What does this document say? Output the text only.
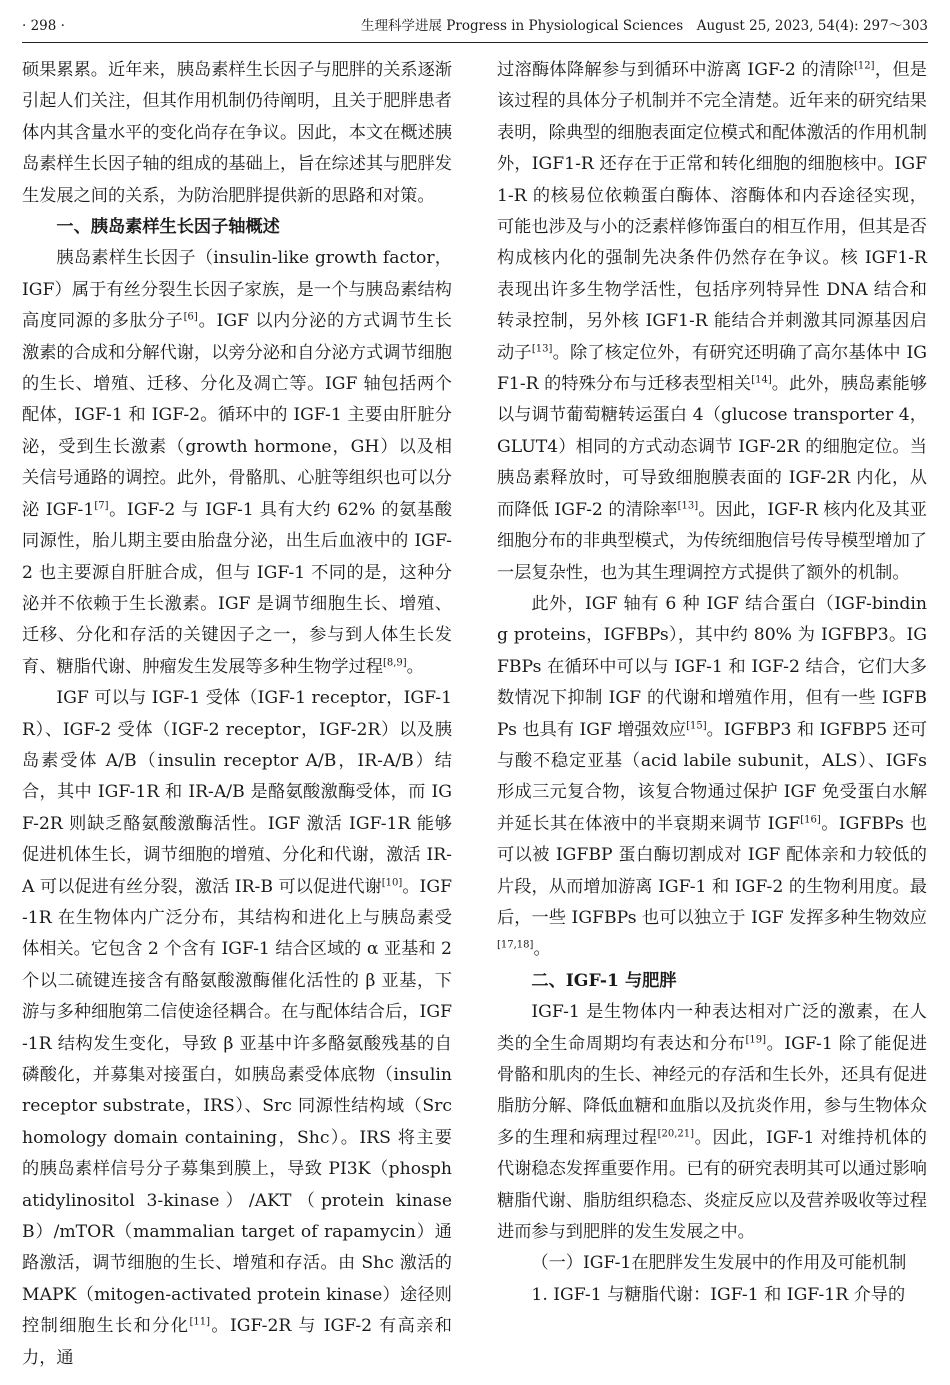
· 298 ·	生理科学进展 Progress in Physiological Sciences　August 25, 2023, 54(4): 297～303

硕果累累。近年来，胰岛素样生长因子与肥胖的关系逐渐引起人们关注，但其作用机制仍待阐明，且关于肥胖患者体内其含量水平的变化尚存在争议。因此，本文在概述胰岛素样生长因子轴的组成的基础上，旨在综述其与肥胖发生发展之间的关系，为防治肥胖提供新的思路和对策。

一、胰岛素样生长因子轴概述

胰岛素样生长因子（insulin-like growth factor，IGF）属于有丝分裂生长因子家族，是一个与胰岛素结构高度同源的多肽分子[6]。IGF 以内分泌的方式调节生长激素的合成和分解代谢，以旁分泌和自分泌方式调节细胞的生长、增殖、迁移、分化及凋亡等。IGF 轴包括两个配体，IGF-1 和 IGF-2。循环中的 IGF-1 主要由肝脏分泌，受到生长激素（growth hormone，GH）以及相关信号通路的调控。此外，骨骼肌、心脏等组织也可以分泌 IGF-1[7]。IGF-2 与 IGF-1 具有大约 62% 的氨基酸同源性，胎儿期主要由胎盘分泌，出生后血液中的 IGF-2 也主要源自肝脏合成，但与 IGF-1 不同的是，这种分泌并不依赖于生长激素。IGF 是调节细胞生长、增殖、迁移、分化和存活的关键因子之一，参与到人体生长发育、糖脂代谢、肿瘤发生发展等多种生物学过程[8,9]。

IGF 可以与 IGF-1 受体（IGF-1 receptor，IGF-1R）、IGF-2 受体（IGF-2 receptor，IGF-2R）以及胰岛素受体 A/B（insulin receptor A/B，IR-A/B）结合，其中 IGF-1R 和 IR-A/B 是酪氨酸激酶受体，而 IGF-2R 则缺乏酪氨酸激酶活性。IGF 激活 IGF-1R 能够促进机体生长，调节细胞的增殖、分化和代谢，激活 IR-A 可以促进有丝分裂，激活 IR-B 可以促进代谢[10]。IGF-1R 在生物体内广泛分布，其结构和进化上与胰岛素受体相关。它包含 2 个含有 IGF-1 结合区域的 α 亚基和 2 个以二硫键连接含有酪氨酸激酶催化活性的 β 亚基，下游与多种细胞第二信使途径耦合。在与配体结合后，IGF-1R 结构发生变化，导致 β 亚基中许多酪氨酸残基的自磷酸化，并募集对接蛋白，如胰岛素受体底物（insulin receptor substrate，IRS）、Src 同源性结构域（Src homology domain containing，Shc）。IRS 将主要的胰岛素样信号分子募集到膜上，导致 PI3K（phosphatidylinositol 3-kinase）/AKT（protein kinase B）/mTOR（mammalian target of rapamycin）通路激活，调节细胞的生长、增殖和存活。由 Shc 激活的 MAPK（mitogen-activated protein kinase）途径则控制细胞生长和分化[11]。IGF-2R 与 IGF-2 有高亲和力，通

过溶酶体降解参与到循环中游离 IGF-2 的清除[12]，但是该过程的具体分子机制并不完全清楚。近年来的研究结果表明，除典型的细胞表面定位模式和配体激活的作用机制外，IGF1-R 还存在于正常和转化细胞的细胞核中。IGF1-R 的核易位依赖蛋白酶体、溶酶体和内吞途径实现，可能也涉及与小的泛素样修饰蛋白的相互作用，但其是否构成核内化的强制先决条件仍然存在争议。核 IGF1-R 表现出许多生物学活性，包括序列特异性 DNA 结合和转录控制，另外核 IGF1-R 能结合并刺激其同源基因启动子[13]。除了核定位外，有研究还明确了高尔基体中 IGF1-R 的特殊分布与迁移表型相关[14]。此外，胰岛素能够以与调节葡萄糖转运蛋白 4（glucose transporter 4，GLUT4）相同的方式动态调节 IGF-2R 的细胞定位。当胰岛素释放时，可导致细胞膜表面的 IGF-2R 内化，从而降低 IGF-2 的清除率[13]。因此，IGF-R 核内化及其亚细胞分布的非典型模式，为传统细胞信号传导模型增加了一层复杂性，也为其生理调控方式提供了额外的机制。

此外，IGF 轴有 6 种 IGF 结合蛋白（IGF-binding proteins，IGFBPs），其中约 80% 为 IGFBP3。IGFBPs 在循环中可以与 IGF-1 和 IGF-2 结合，它们大多数情况下抑制 IGF 的代谢和增殖作用，但有一些 IGFBPs 也具有 IGF 增强效应[15]。IGFBP3 和 IGFBP5 还可与酸不稳定亚基（acid labile subunit，ALS）、IGFs 形成三元复合物，该复合物通过保护 IGF 免受蛋白水解并延长其在体液中的半衰期来调节 IGF[16]。IGFBPs 也可以被 IGFBP 蛋白酶切割成对 IGF 配体亲和力较低的片段，从而增加游离 IGF-1 和 IGF-2 的生物利用度。最后，一些 IGFBPs 也可以独立于 IGF 发挥多种生物效应[17,18]。

二、IGF-1 与肥胖

IGF-1 是生物体内一种表达相对广泛的激素，在人类的全生命周期均有表达和分布[19]。IGF-1 除了能促进骨骼和肌肉的生长、神经元的存活和生长外，还具有促进脂肪分解、降低血糖和血脂以及抗炎作用，参与生物体众多的生理和病理过程[20,21]。因此，IGF-1 对维持机体的代谢稳态发挥重要作用。已有的研究表明其可以通过影响糖脂代谢、脂肪组织稳态、炎症反应以及营养吸收等过程进而参与到肥胖的发生发展之中。

（一）IGF-1在肥胖发生发展中的作用及可能机制

1. IGF-1 与糖脂代谢：IGF-1 和 IGF-1R 介导的
